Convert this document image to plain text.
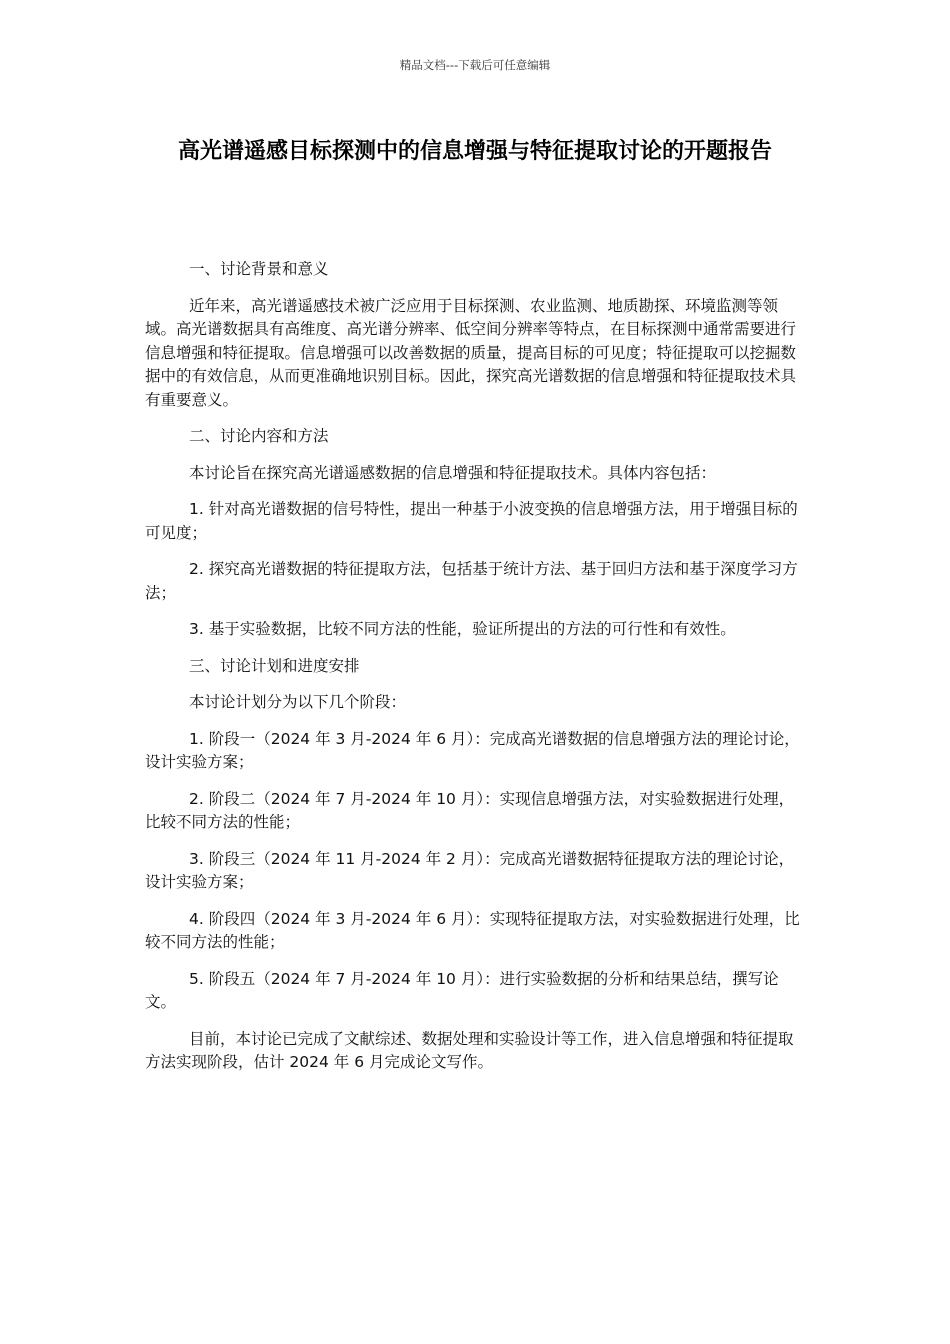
精品文档---下载后可任意编辑
高光谱遥感目标探测中的信息增强与特征提取讨论的开题报告

一、讨论背景和意义

近年来，高光谱遥感技术被广泛应用于目标探测、农业监测、地质勘探、环境监测等领域。高光谱数据具有高维度、高光谱分辨率、低空间分辨率等特点，在目标探测中通常需要进行信息增强和特征提取。信息增强可以改善数据的质量，提高目标的可见度；特征提取可以挖掘数据中的有效信息，从而更准确地识别目标。因此，探究高光谱数据的信息增强和特征提取技术具有重要意义。

二、讨论内容和方法

本讨论旨在探究高光谱遥感数据的信息增强和特征提取技术。具体内容包括：

1. 针对高光谱数据的信号特性，提出一种基于小波变换的信息增强方法，用于增强目标的可见度；

2. 探究高光谱数据的特征提取方法，包括基于统计方法、基于回归方法和基于深度学习方法；

3. 基于实验数据，比较不同方法的性能，验证所提出的方法的可行性和有效性。

三、讨论计划和进度安排

本讨论计划分为以下几个阶段：

1. 阶段一（2024 年 3 月-2024 年 6 月）：完成高光谱数据的信息增强方法的理论讨论，设计实验方案；

2. 阶段二（2024 年 7 月-2024 年 10 月）：实现信息增强方法，对实验数据进行处理，比较不同方法的性能；

3. 阶段三（2024 年 11 月-2024 年 2 月）：完成高光谱数据特征提取方法的理论讨论，设计实验方案；

4. 阶段四（2024 年 3 月-2024 年 6 月）：实现特征提取方法，对实验数据进行处理，比较不同方法的性能；

5. 阶段五（2024 年 7 月-2024 年 10 月）：进行实验数据的分析和结果总结，撰写论文。

目前，本讨论已完成了文献综述、数据处理和实验设计等工作，进入信息增强和特征提取方法实现阶段，估计 2024 年 6 月完成论文写作。
